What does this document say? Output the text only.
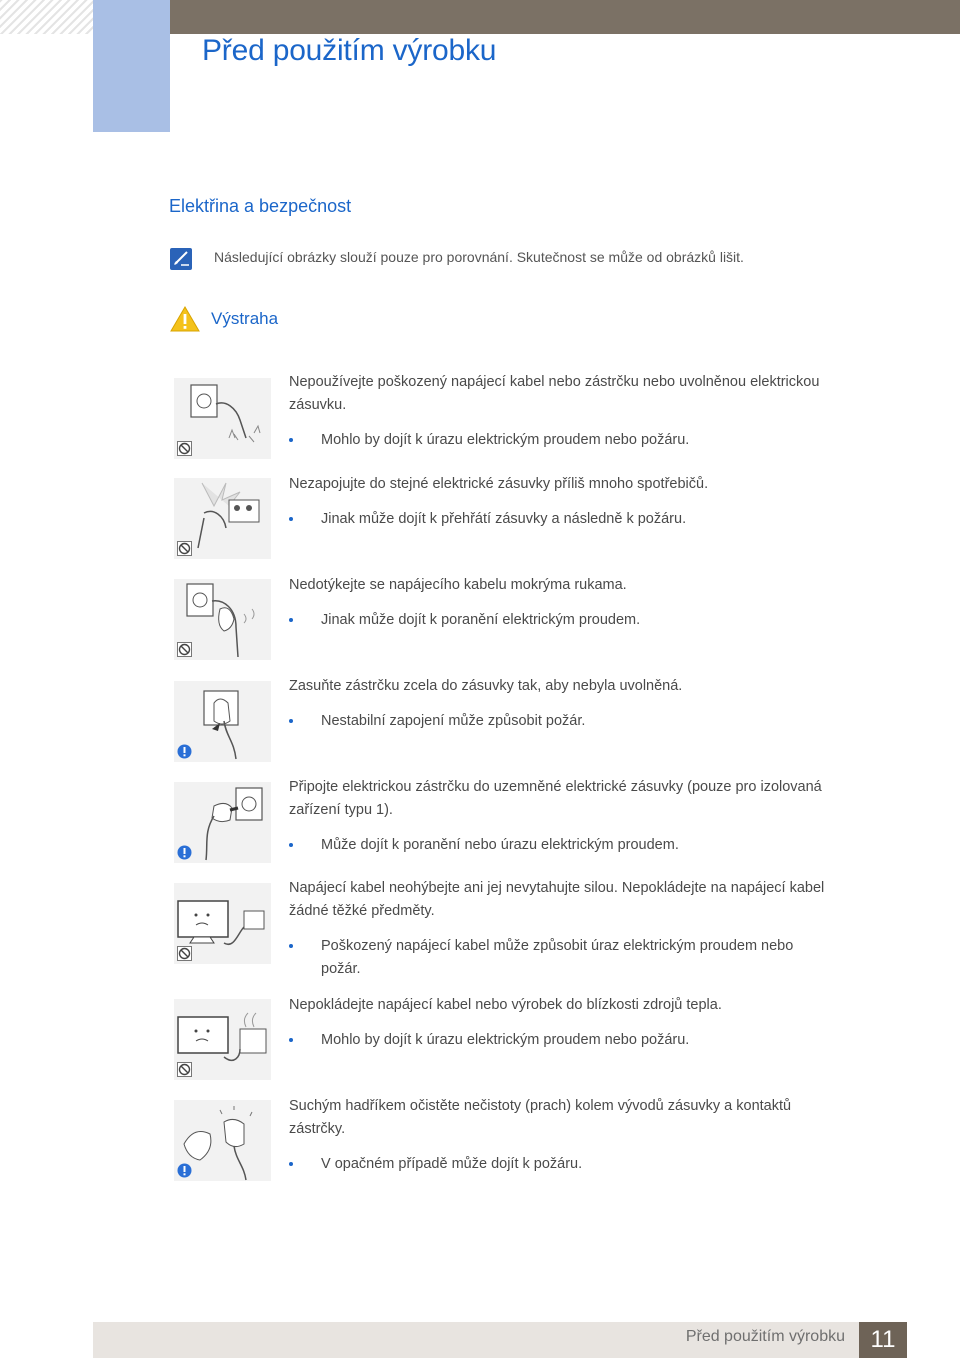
Před použitím výrobku
Elektřina a bezpečnost
Následující obrázky slouží pouze pro porovnání. Skutečnost se může od obrázků lišit.
Výstraha

Nepoužívejte poškozený napájecí kabel nebo zástrčku nebo uvolněnou elektrickou zásuvku.

Mohlo by dojít k úrazu elektrickým proudem nebo požáru.

Nezapojujte do stejné elektrické zásuvky příliš mnoho spotřebičů.

Jinak může dojít k přehřátí zásuvky a následně k požáru.

Nedotýkejte se napájecího kabelu mokrýma rukama.

Jinak může dojít k poranění elektrickým proudem.

Zasuňte zástrčku zcela do zásuvky tak, aby nebyla uvolněná.

Nestabilní zapojení může způsobit požár.

Připojte elektrickou zástrčku do uzemněné elektrické zásuvky (pouze pro izolovaná zařízení typu 1).

Může dojít k poranění nebo úrazu elektrickým proudem.

Napájecí kabel neohýbejte ani jej nevytahujte silou. Nepokládejte na napájecí kabel žádné těžké předměty.

Poškozený napájecí kabel může způsobit úraz elektrickým proudem nebo požár.

Nepokládejte napájecí kabel nebo výrobek do blízkosti zdrojů tepla.

Mohlo by dojít k úrazu elektrickým proudem nebo požáru.

Suchým hadříkem očistěte nečistoty (prach) kolem vývodů zásuvky a kontaktů zástrčky.

V opačném případě může dojít k požáru.
Před použitím výrobku	11
